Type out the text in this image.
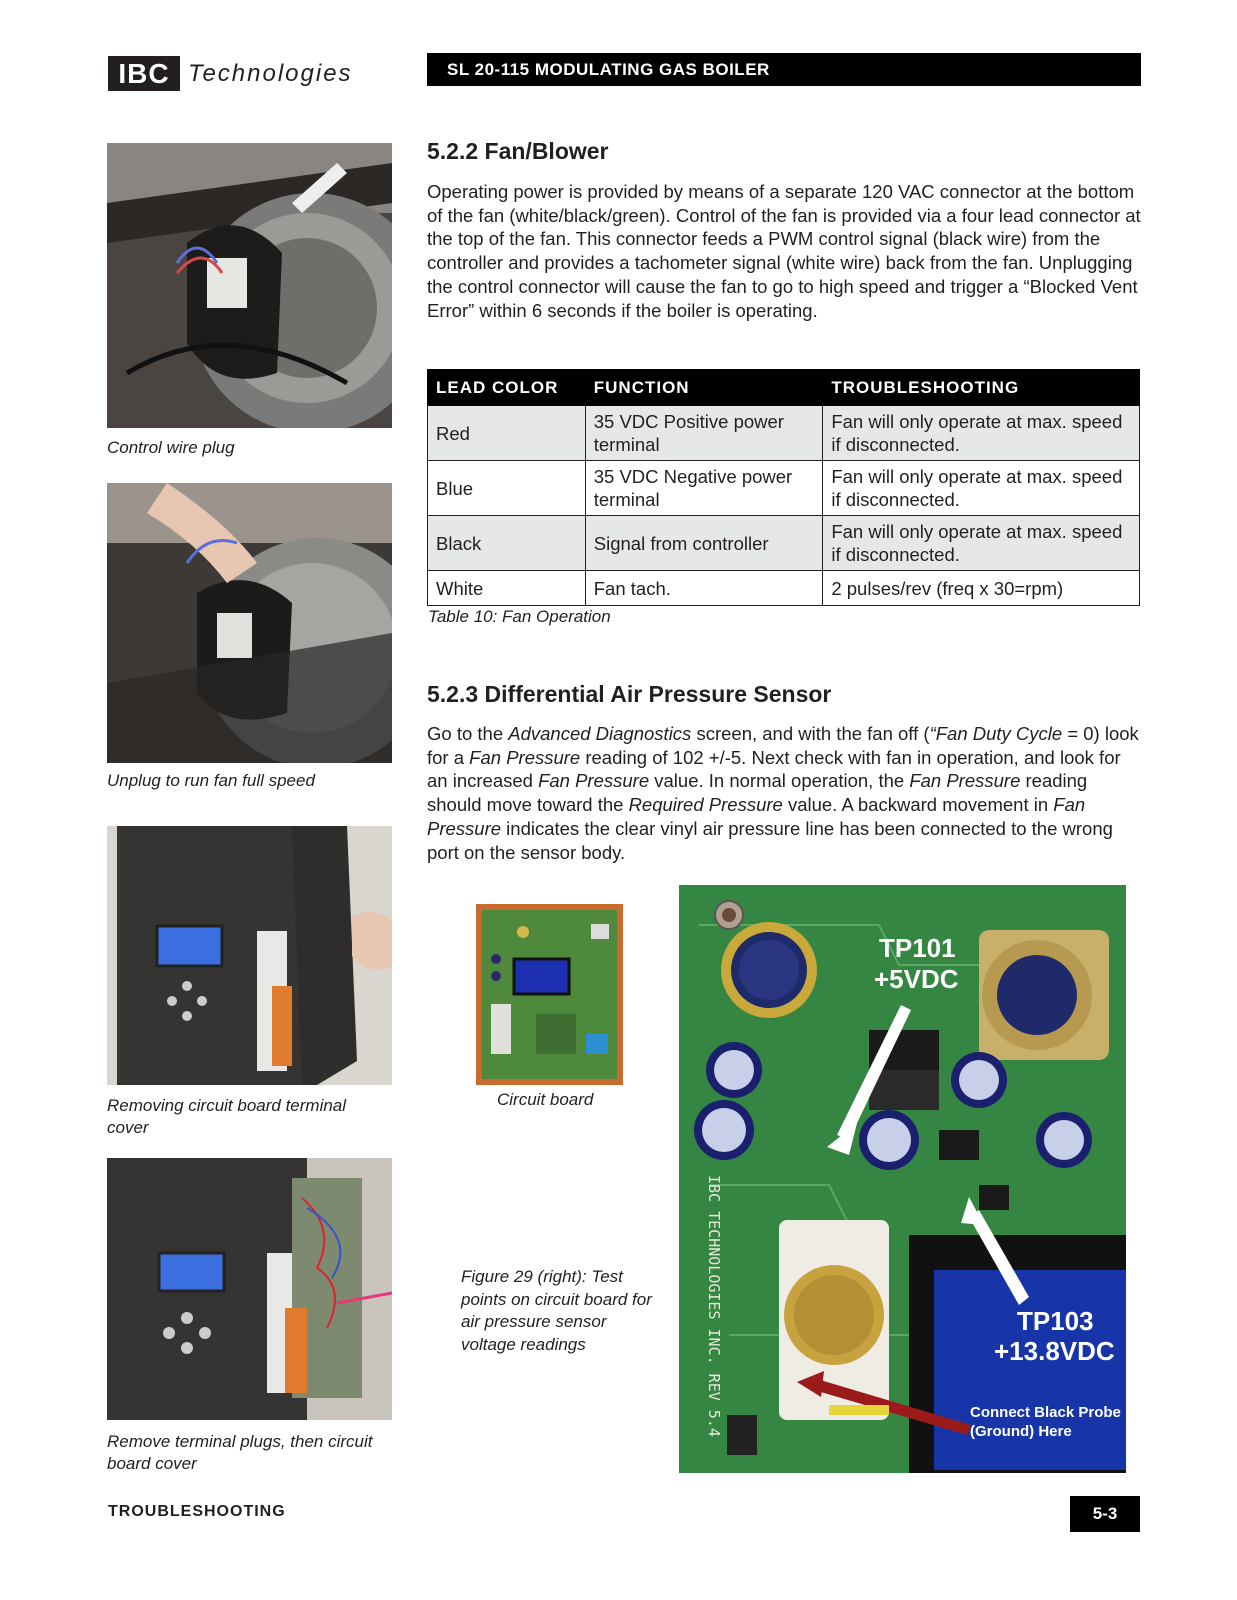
IBC Technologies	SL 20-115 MODULATING GAS BOILER
Control wire plug
Unplug to run fan full speed
Removing circuit board terminal cover
Remove terminal plugs, then circuit board cover
5.2.2 Fan/Blower
Operating power is provided by means of a separate 120 VAC connector at the bottom of the fan (white/black/green). Control of the fan is provided via a four lead connector at the top of the fan. This connector feeds a PWM control signal (black wire) from the controller and provides a tachometer signal (white wire) back from the fan. Unplugging the control connector will cause the fan to go to high speed and trigger a “Blocked Vent Error” within 6 seconds if the boiler is operating.
LEAD COLOR	FUNCTION	TROUBLESHOOTING
Red	35 VDC Positive power terminal	Fan will only operate at max. speed if disconnected.
Blue	35 VDC Negative power terminal	Fan will only operate at max. speed if disconnected.
Black	Signal from controller	Fan will only operate at max. speed if disconnected.
White	Fan tach.	2 pulses/rev (freq x 30=rpm)
Table 10: Fan Operation
5.2.3 Differential Air Pressure Sensor
Go to the Advanced Diagnostics screen, and with the fan off (“Fan Duty Cycle = 0) look for a Fan Pressure reading of 102 +/-5. Next check with fan in operation, and look for an increased Fan Pressure value. In normal operation, the Fan Pressure reading should move toward the Required Pressure value. A backward movement in Fan Pressure indicates the clear vinyl air pressure line has been connected to the wrong port on the sensor body.
Circuit board
Figure 29 (right): Test points on circuit board for air pressure sensor voltage readings	IBC TECHNOLOGIES INC. REV 5.4
TP101
+5VDC
TP103
+13.8VDC
Connect Black Probe
(Ground) Here
TROUBLESHOOTING	5-3
